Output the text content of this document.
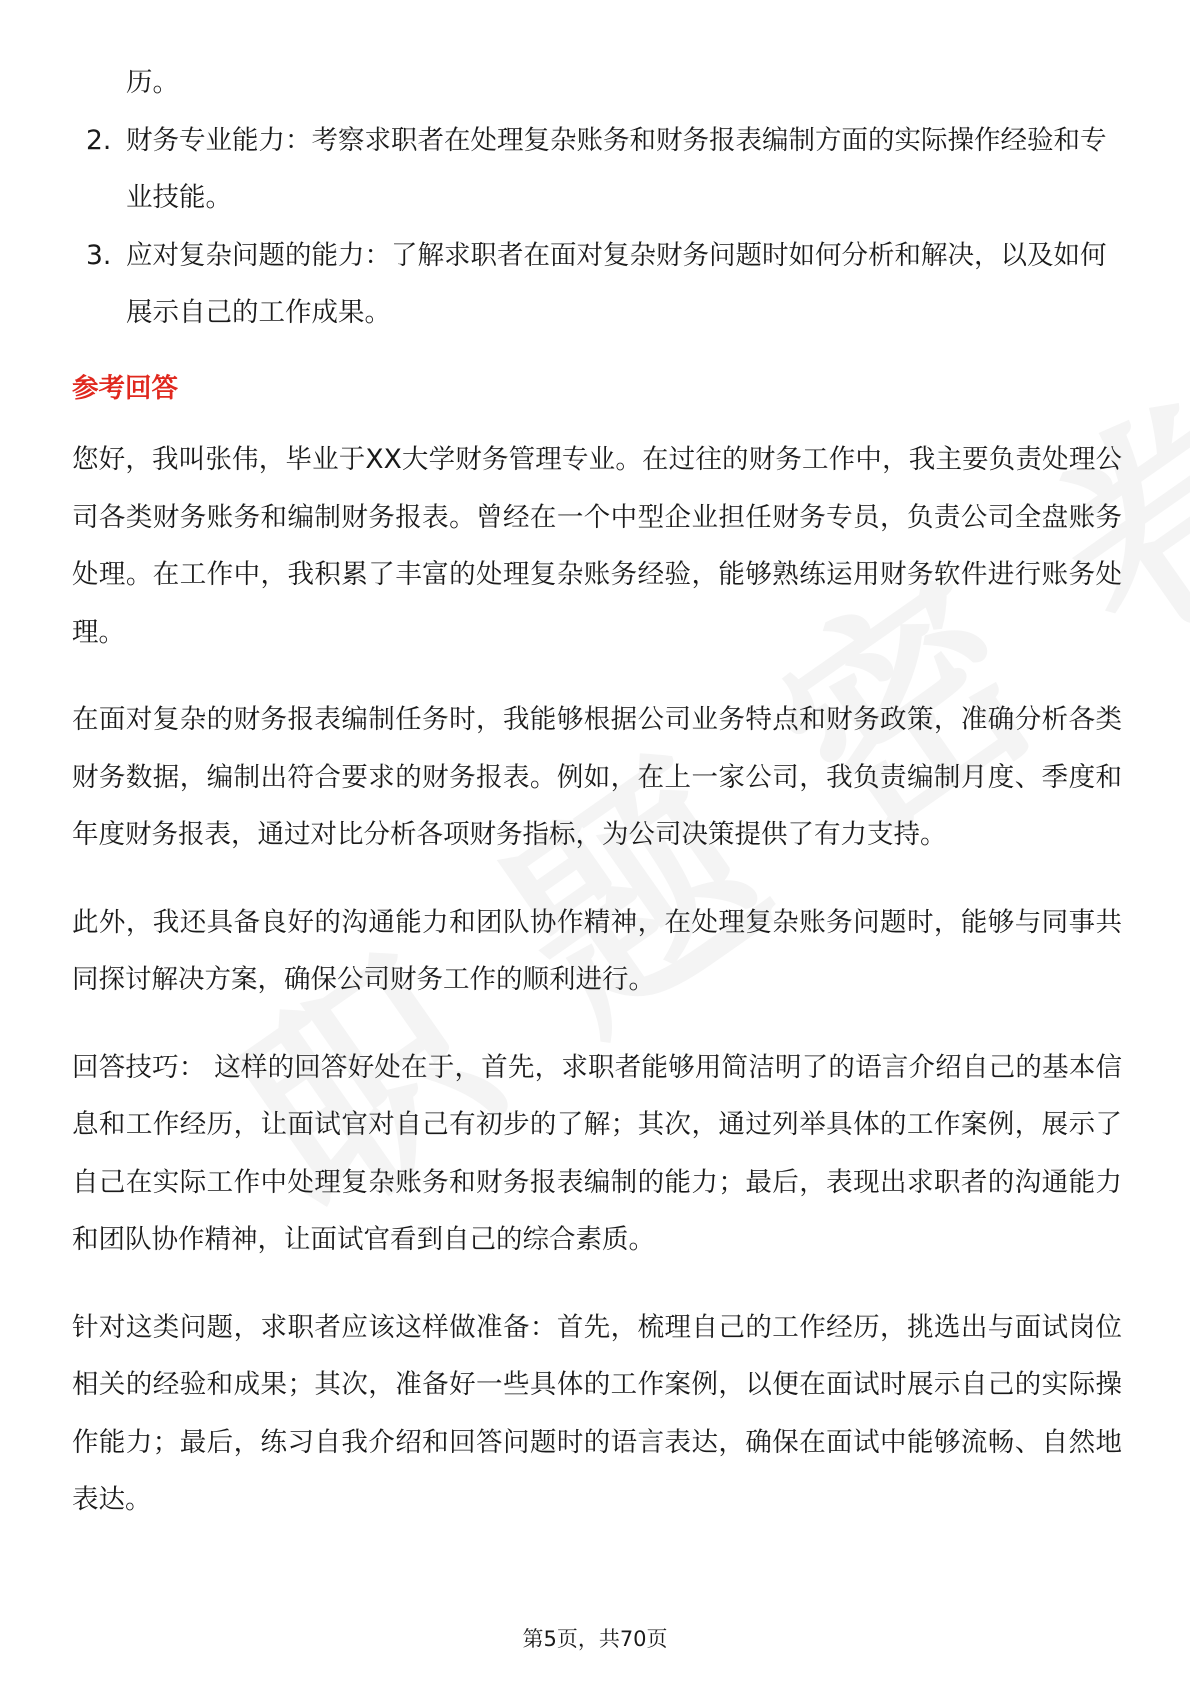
历。

2. 财务专业能力：考察求职者在处理复杂账务和财务报表编制方面的实际操作经验和专业技能。
3. 应对复杂问题的能力：了解求职者在面对复杂财务问题时如何分析和解决，以及如何展示自己的工作成果。
参考回答

您好，我叫张伟，毕业于XX大学财务管理专业。在过往的财务工作中，我主要负责处理公司各类财务账务和编制财务报表。曾经在一个中型企业担任财务专员，负责公司全盘账务处理。在工作中，我积累了丰富的处理复杂账务经验，能够熟练运用财务软件进行账务处理。

在面对复杂的财务报表编制任务时，我能够根据公司业务特点和财务政策，准确分析各类财务数据，编制出符合要求的财务报表。例如，在上一家公司，我负责编制月度、季度和年度财务报表，通过对比分析各项财务指标，为公司决策提供了有力支持。

此外，我还具备良好的沟通能力和团队协作精神，在处理复杂账务问题时，能够与同事共同探讨解决方案，确保公司财务工作的顺利进行。

回答技巧： 这样的回答好处在于，首先，求职者能够用简洁明了的语言介绍自己的基本信息和工作经历，让面试官对自己有初步的了解；其次，通过列举具体的工作案例，展示了自己在实际工作中处理复杂账务和财务报表编制的能力；最后，表现出求职者的沟通能力和团队协作精神，让面试官看到自己的综合素质。

针对这类问题，求职者应该这样做准备：首先，梳理自己的工作经历，挑选出与面试岗位相关的经验和成果；其次，准备好一些具体的工作案例，以便在面试时展示自己的实际操作能力；最后，练习自我介绍和回答问题时的语言表达，确保在面试中能够流畅、自然地表达。

第5页，共70页
